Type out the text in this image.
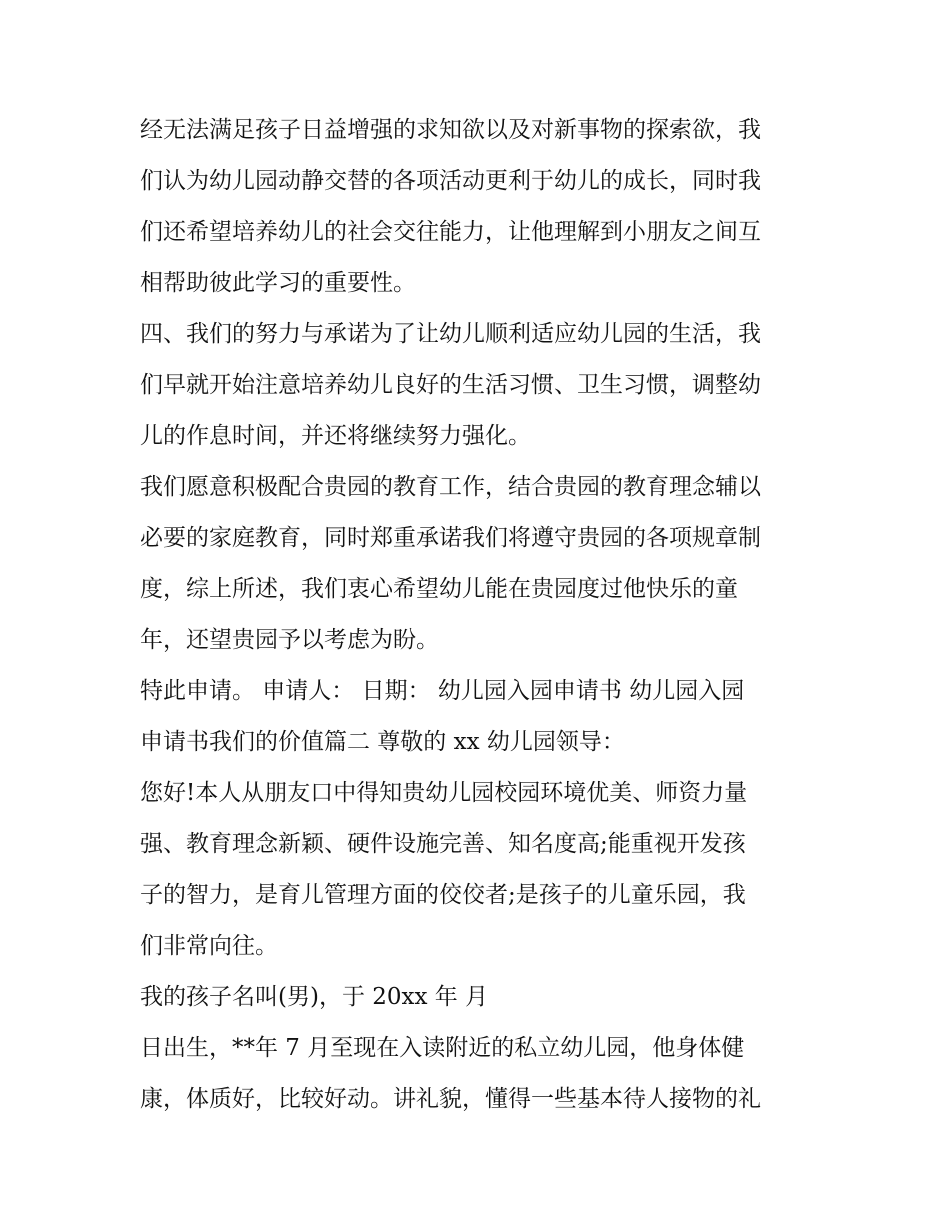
经无法满足孩子日益增强的求知欲以及对新事物的探索欲，我
们认为幼儿园动静交替的各项活动更利于幼儿的成长，同时我
们还希望培养幼儿的社会交往能力，让他理解到小朋友之间互
相帮助彼此学习的重要性。
四、我们的努力与承诺为了让幼儿顺利适应幼儿园的生活，我
们早就开始注意培养幼儿良好的生活习惯、卫生习惯，调整幼
儿的作息时间，并还将继续努力强化。
我们愿意积极配合贵园的教育工作，结合贵园的教育理念辅以
必要的家庭教育，同时郑重承诺我们将遵守贵园的各项规章制
度，综上所述，我们衷心希望幼儿能在贵园度过他快乐的童
年，还望贵园予以考虑为盼。
特此申请。 申请人： 日期： 幼儿园入园申请书 幼儿园入园
申请书我们的价值篇二 尊敬的 xx 幼儿园领导：
您好!本人从朋友口中得知贵幼儿园校园环境优美、师资力量
强、教育理念新颖、硬件设施完善、知名度高;能重视开发孩
子的智力，是育儿管理方面的佼佼者;是孩子的儿童乐园，我
们非常向往。
我的孩子名叫(男)，于 20xx 年 月
日出生，**年 7 月至现在入读附近的私立幼儿园，他身体健
康，体质好，比较好动。讲礼貌，懂得一些基本待人接物的礼
